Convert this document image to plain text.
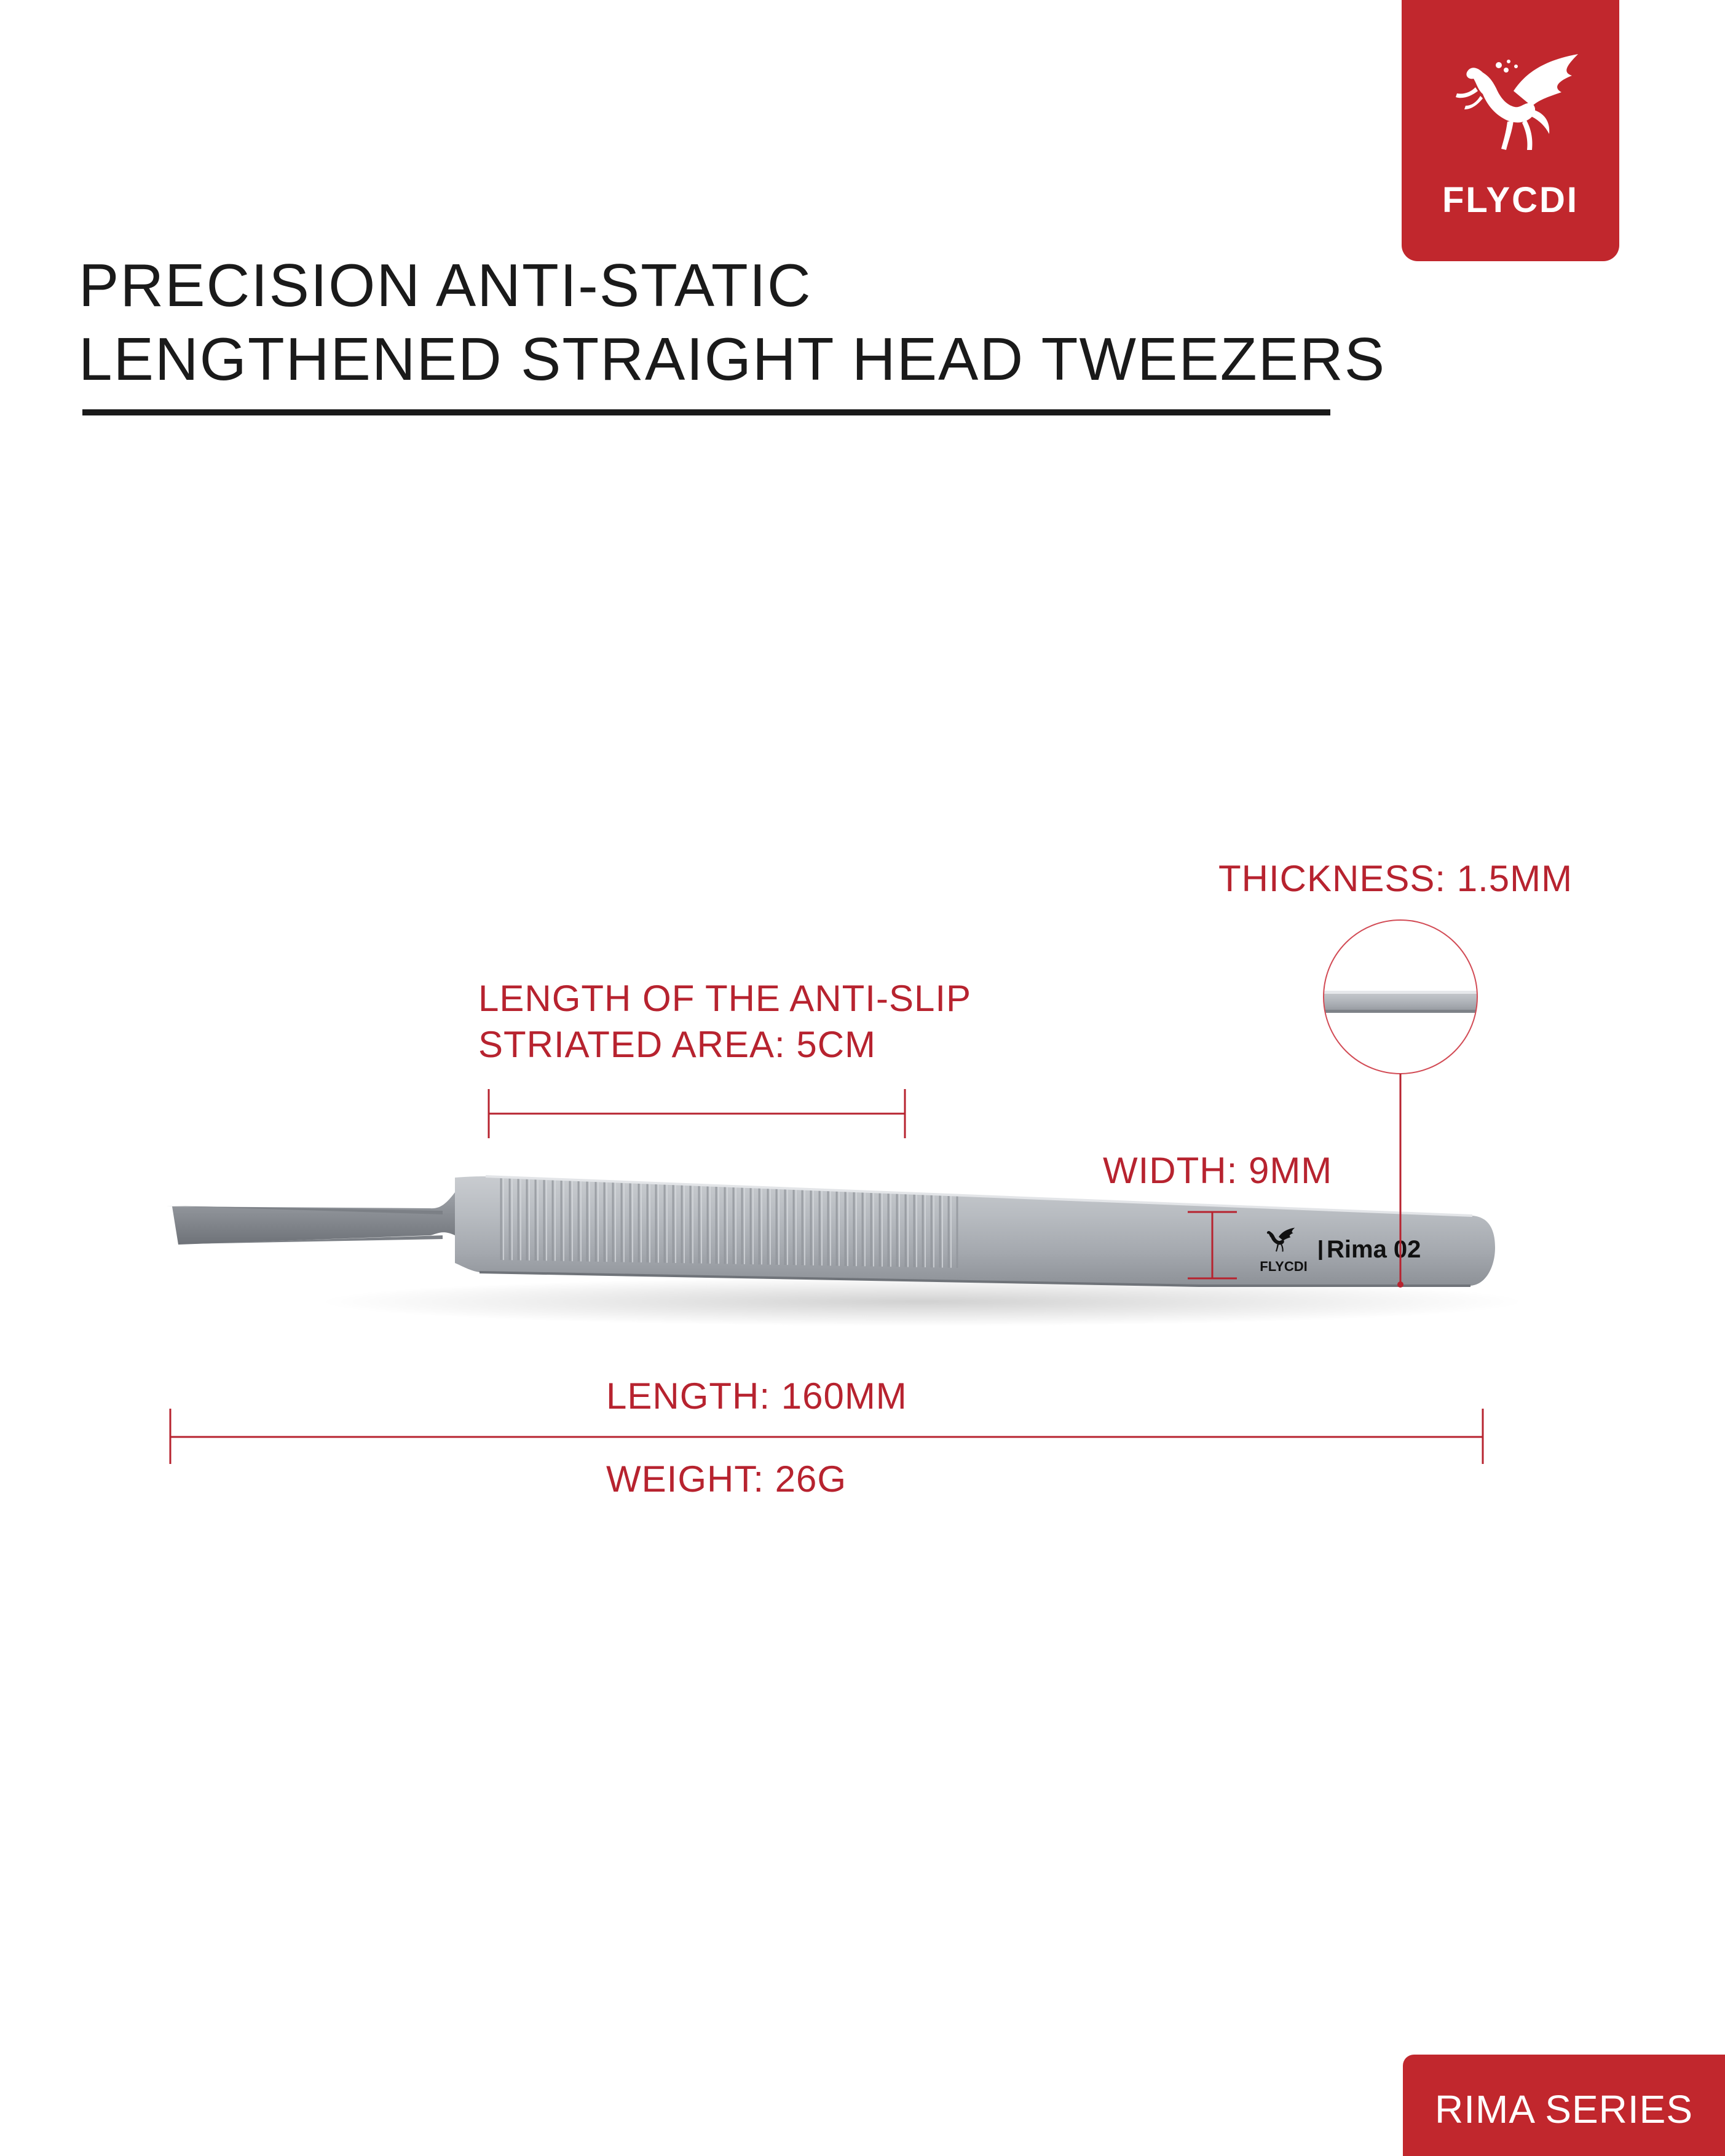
FLYCDI
PRECISION ANTI-STATIC
LENGTHENED STRAIGHT HEAD TWEEZERS
FLYCDI
Rima 02
THICKNESS: 1.5MM
LENGTH OF THE ANTI-SLIP
STRIATED AREA: 5CM
WIDTH: 9MM
LENGTH: 160MM
WEIGHT: 26G
RIMA SERIES
